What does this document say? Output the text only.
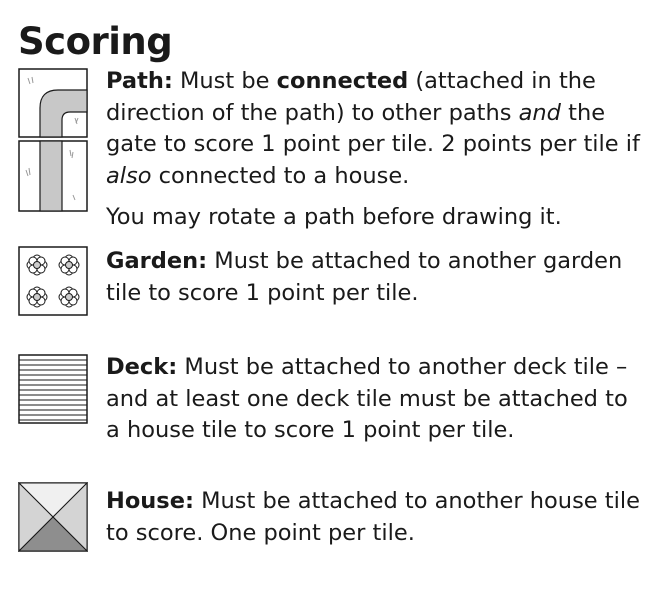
Scoring
Path: Must be connected (attached in the direction of the path) to other paths and the gate to score 1 point per tile. 2 points per tile if also connected to a house.
You may rotate a path before drawing it.
Garden: Must be attached to another garden tile to score 1 point per tile.
Deck: Must be attached to another deck tile – and at least one deck tile must be attached to a house tile to score 1 point per tile.
House: Must be attached to another house tile to score. One point per tile.
